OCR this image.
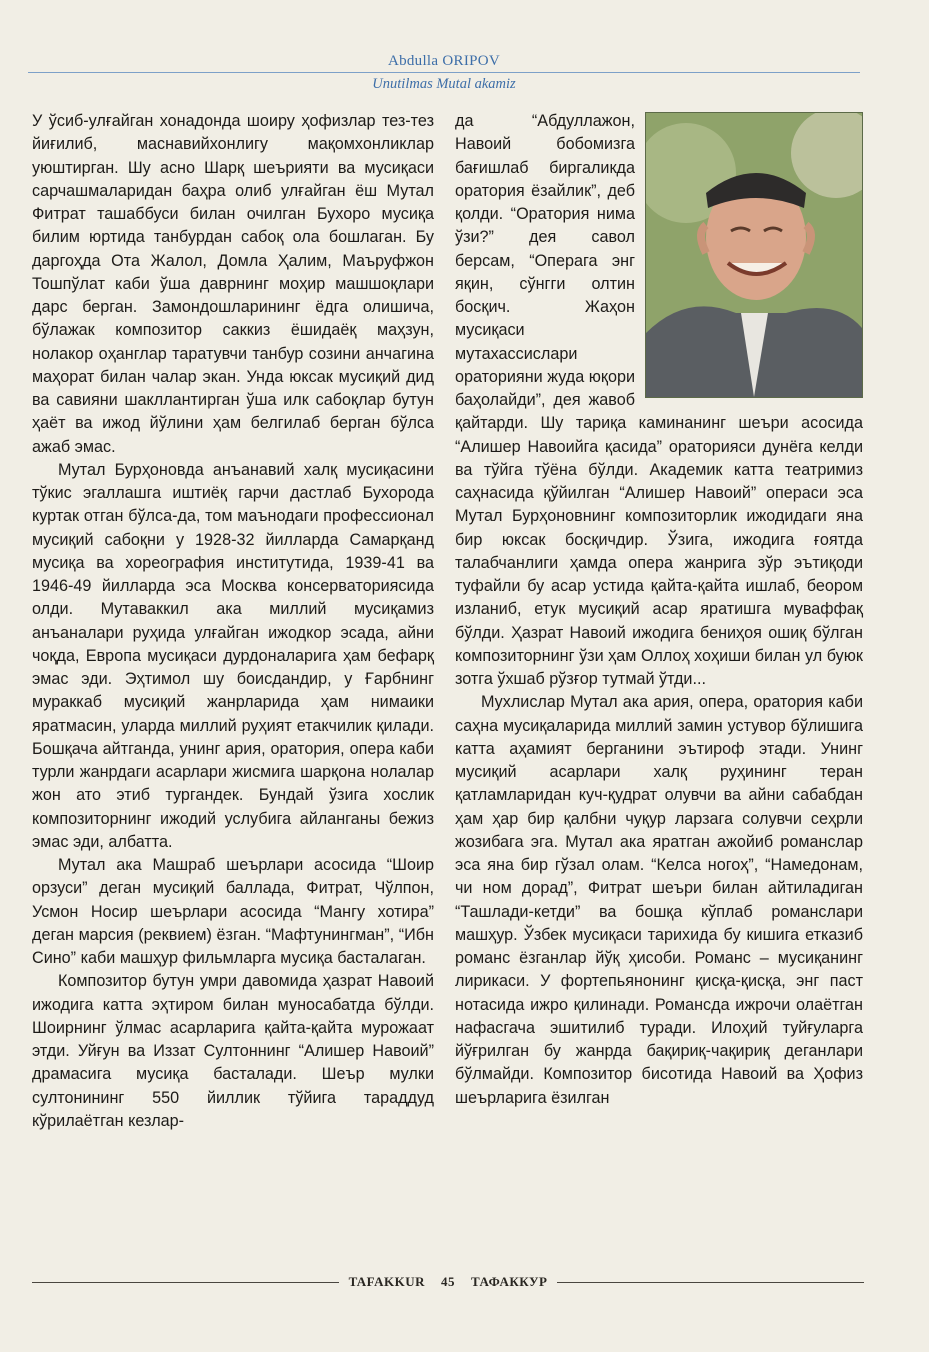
Abdulla ORIPOV
Unutilmas Mutal akamiz

У ўсиб-улғайган хонадонда шоиру ҳофизлар тез-тез йиғилиб, маснавийхонлигу мақомхонликлар уюштирган. Шу асно Шарқ шеърияти ва мусиқаси сарчашмаларидан баҳра олиб улғайган ёш Мутал Фитрат ташаббуси билан очилган Бухоро мусиқа билим юртида танбурдан сабоқ ола бошлаган. Бу даргоҳда Ота Жалол, Домла Ҳалим, Маъруфжон Тошпўлат каби ўша даврнинг моҳир машшоқлари дарс берган. Замондошларининг ёдга олишича, бўлажак композитор саккиз ёшидаёқ маҳзун, нолакор оҳанглар таратувчи танбур созини анчагина маҳорат билан чалар экан. Унда юксак мусиқий дид ва савияни шакллантирган ўша илк сабоқлар бутун ҳаёт ва ижод йўлини ҳам белгилаб берган бўлса ажаб эмас.

Мутал Бурҳоновда анъанавий халқ мусиқасини тўкис эгаллашга иштиёқ гарчи дастлаб Бухорода куртак отган бўлса-да, том маънодаги профессионал мусиқий сабоқни у 1928-32 йилларда Самарқанд мусиқа ва хореография институтида, 1939-41 ва 1946-49 йилларда эса Москва консерваториясида олди. Мутаваккил ака миллий мусиқамиз анъаналари руҳида улғайган ижодкор эсада, айни чоқда, Европа мусиқаси дурдоналарига ҳам бефарқ эмас эди. Эҳтимол шу боисдандир, у Ғарбнинг мураккаб мусиқий жанрларида ҳам нимаики яратмасин, уларда миллий руҳият етакчилик қилади. Бошқача айтганда, унинг ария, оратория, опера каби турли жанрдаги асарлари жисмига шарқона нолалар жон ато этиб тургандек. Бундай ўзига хослик композиторнинг ижодий услубига айланганы бежиз эмас эди, албатта.

Мутал ака Машраб шеърлари асосида “Шоир орзуси” деган мусиқий баллада, Фитрат, Чўлпон, Усмон Носир шеърлари асосида “Мангу хотира” деган марсия (реквием) ёзган. “Мафтунингман”, “Ибн Сино” каби машҳур фильмларга мусиқа басталаган.

Композитор бутун умри давомида ҳазрат Навоий ижодига катта эҳтиром билан муносабатда бўлди. Шоирнинг ўлмас асарларига қайта-қайта мурожаат этди. Уйғун ва Иззат Султоннинг “Алишер Навоий” драмасига мусиқа басталади. Шеър мулки султонининг 550 йиллик тўйига тараддуд кўрилаётган кезлар-

да “Абдуллажон, Навоий бобомизга бағишлаб биргаликда оратория ёзайлик”, деб қолди. “Оратория нима ўзи?” дея савол берсам, “Операга энг яқин, сўнгги олтин босқич. Жаҳон мусиқаси мутахассислари ораторияни жуда юқори баҳолайди”, дея жавоб қайтарди. Шу тариқа каминанинг шеъри асосида “Алишер Навоийга қасида” ораторияси дунёга келди ва тўйга тўёна бўлди. Академик катта театримиз саҳнасида қўйилган “Алишер Навоий” операси эса Мутал Бурҳоновнинг композиторлик ижодидаги яна бир юксак босқичдир. Ўзига, ижодига ғоятда талабчанлиги ҳамда опера жанрига зўр эътиқоди туфайли бу асар устида қайта-қайта ишлаб, беором изланиб, етук мусиқий асар яратишга муваффақ бўлди. Ҳазрат Навоий ижодига бениҳоя ошиқ бўлган композиторнинг ўзи ҳам Оллоҳ хоҳиши билан ул буюк зотга ўхшаб рўзғор тутмай ўтди...

Мухлислар Мутал ака ария, опера, оратория каби саҳна мусиқаларида миллий замин устувор бўлишига катта аҳамият берганини эътироф этади. Унинг мусиқий асарлари халқ руҳининг теран қатламларидан куч-қудрат олувчи ва айни сабабдан ҳам ҳар бир қалбни чуқур ларзага солувчи сеҳрли жозибага эга. Мутал ака яратган ажойиб романслар эса яна бир гўзал олам. “Келса ногоҳ”, “Намедонам, чи ном дорад”, Фитрат шеъри билан айтиладиган “Ташлади-кетди” ва бошқа кўплаб романслари машҳур. Ўзбек мусиқаси тарихида бу кишига етказиб романс ёзганлар йўқ ҳисоби. Романс – мусиқанинг лирикаси. У фортепьянонинг қисқа-қисқа, энг паст нотасида ижро қилинади. Романсда ижрочи олаётган нафасгача эшитилиб туради. Илоҳий туйғуларга йўғрилган бу жанрда бақириқ-чақириқ деганлари бўлмайди. Композитор бисотида Навоий ва Ҳофиз шеърларига ёзилган

TAFAKKUR 45 ТАФАККУР
